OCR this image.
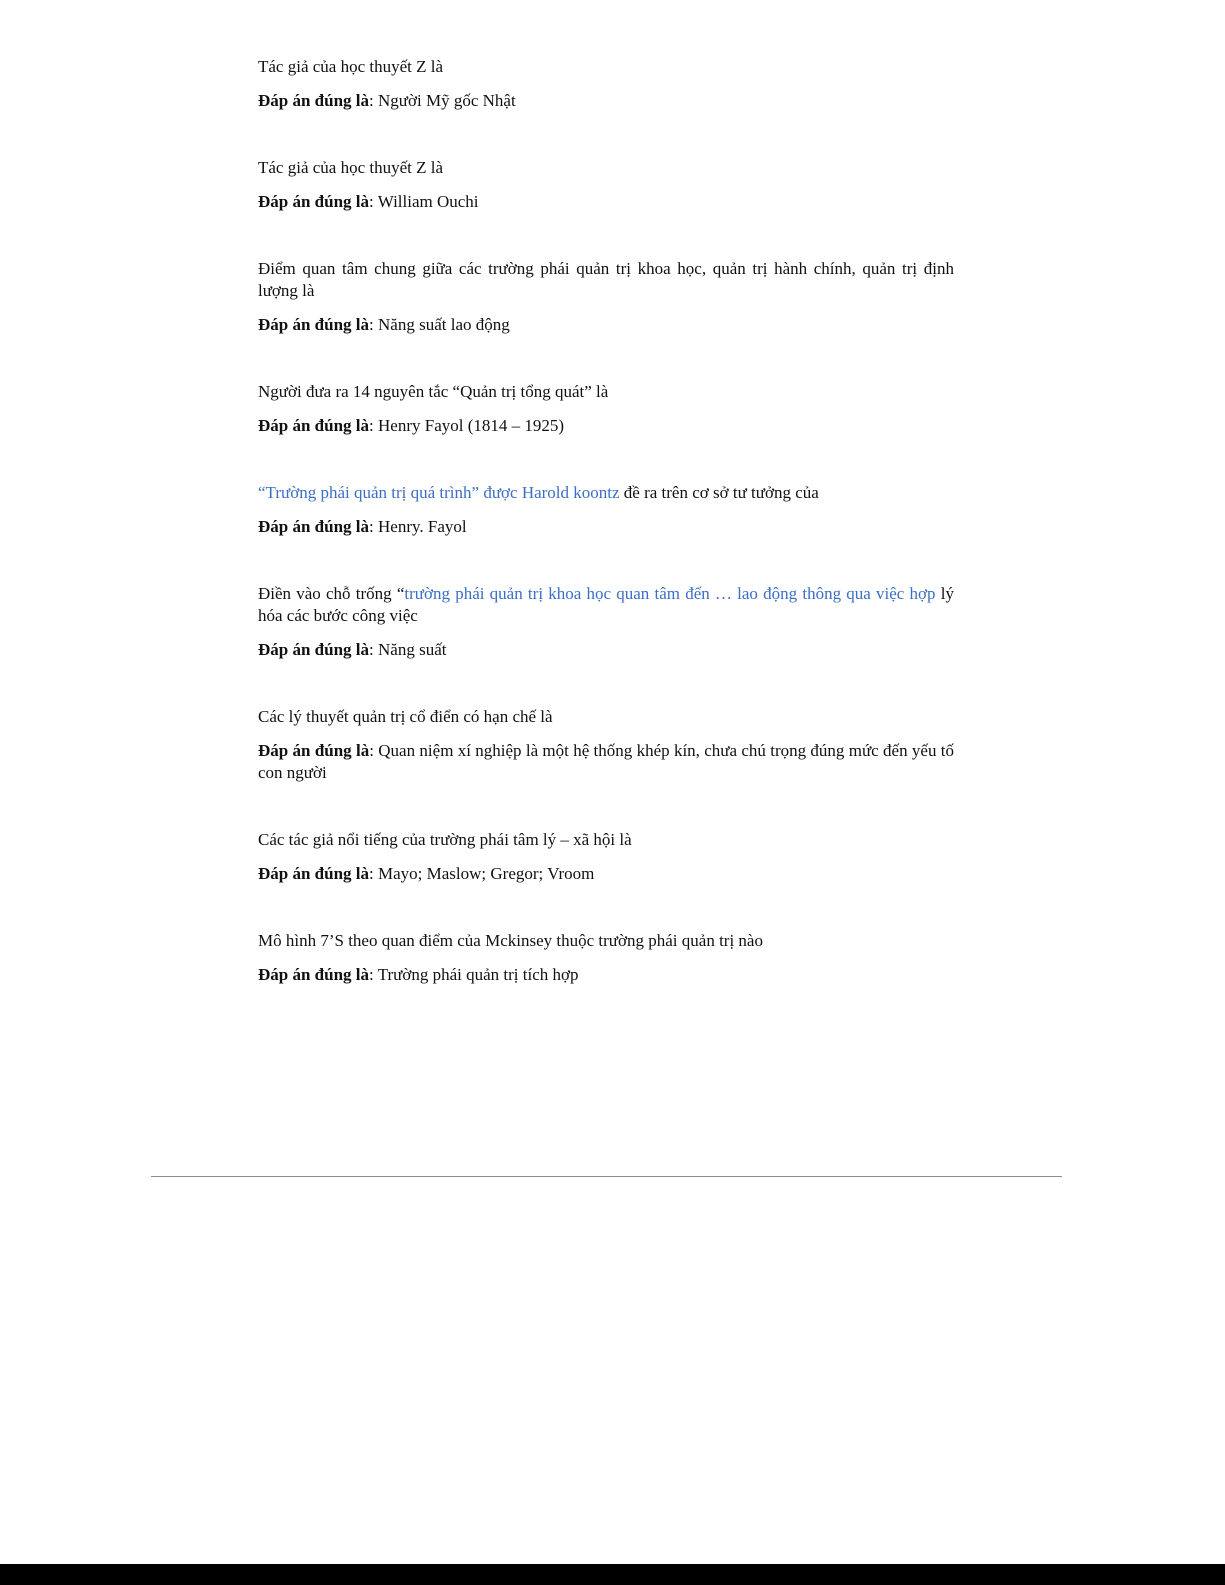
Tác giả của học thuyết Z là

Đáp án đúng là: Người Mỹ gốc Nhật

Tác giả của học thuyết Z là

Đáp án đúng là: William Ouchi

Điểm quan tâm chung giữa các trường phái quản trị khoa học, quản trị hành chính, quản trị định lượng là

Đáp án đúng là: Năng suất lao động

Người đưa ra 14 nguyên tắc “Quản trị tổng quát” là

Đáp án đúng là: Henry Fayol (1814 – 1925)

“Trường phái quản trị quá trình” được Harold koontz đề ra trên cơ sở tư tưởng của

Đáp án đúng là: Henry. Fayol

Điền vào chỗ trống “trường phái quản trị khoa học quan tâm đến … lao động thông qua việc hợp lý hóa các bước công việc

Đáp án đúng là: Năng suất

Các lý thuyết quản trị cổ điển có hạn chế là

Đáp án đúng là: Quan niệm xí nghiệp là một hệ thống khép kín, chưa chú trọng đúng mức đến yếu tố con người

Các tác giả nổi tiếng của trường phái tâm lý – xã hội là

Đáp án đúng là: Mayo; Maslow; Gregor; Vroom

Mô hình 7’S theo quan điểm của Mckinsey thuộc trường phái quản trị nào

Đáp án đúng là: Trường phái quản trị tích hợp
